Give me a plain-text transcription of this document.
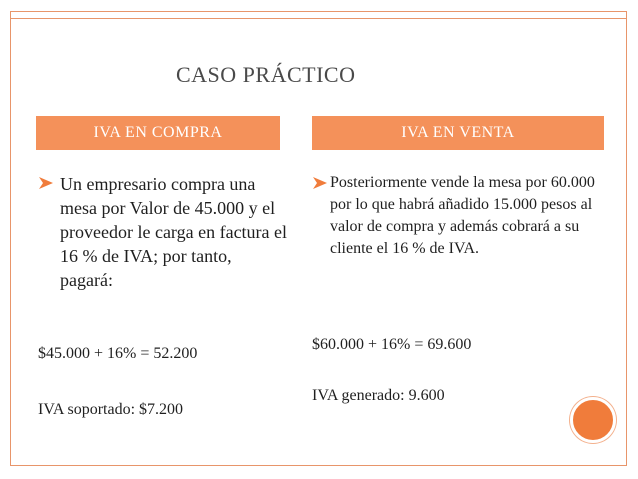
CASO PRÁCTICO
IVA EN COMPRA	IVA EN VENTA
Un empresario compra una mesa por Valor de 45.000 y el proveedor le carga en factura el 16 % de IVA; por tanto, pagará:
Posteriormente vende la mesa por 60.000 por lo que habrá añadido 15.000 pesos al valor de compra y además cobrará a su cliente el 16 % de IVA.
$45.000 + 16% = 52.200
IVA soportado: $7.200
$60.000 + 16% = 69.600
IVA generado: 9.600
